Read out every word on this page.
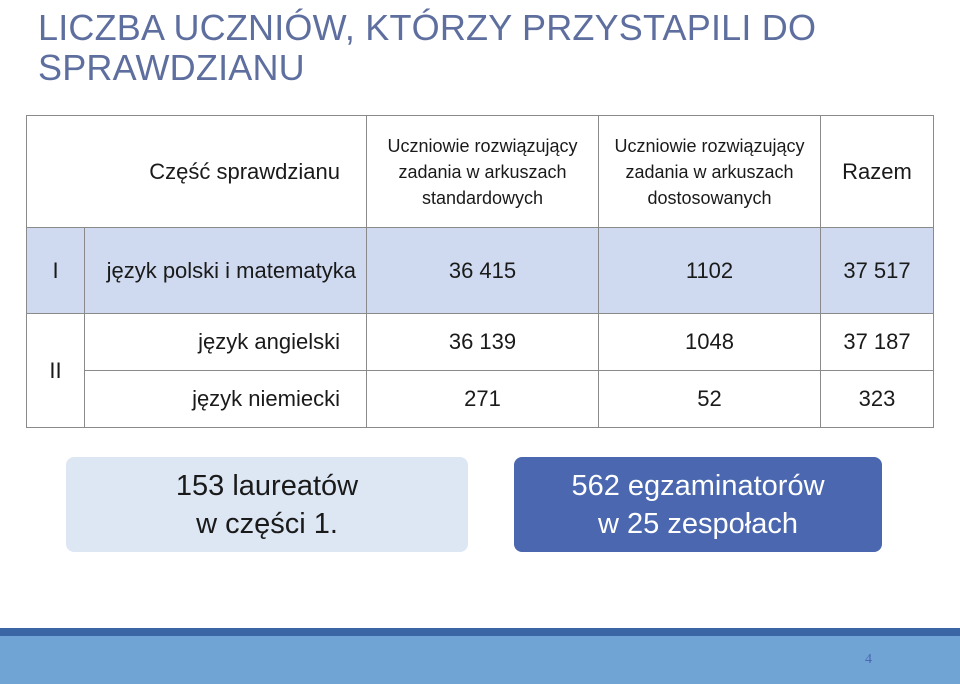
LICZBA UCZNIÓW, KTÓRZY PRZYSTAPILI DO SPRAWDZIANU
Część sprawdzianu		Uczniowie rozwiązujący zadania w arkuszach standardowych	Uczniowie rozwiązujący zadania w arkuszach dostosowanych	Razem
I	język polski i matematyka	36 415	1102	37 517
II	język angielski	36 139	1048	37 187
	język niemiecki	271	52	323
153 laureatów
w części 1.
562 egzaminatorów
w 25 zespołach
4
